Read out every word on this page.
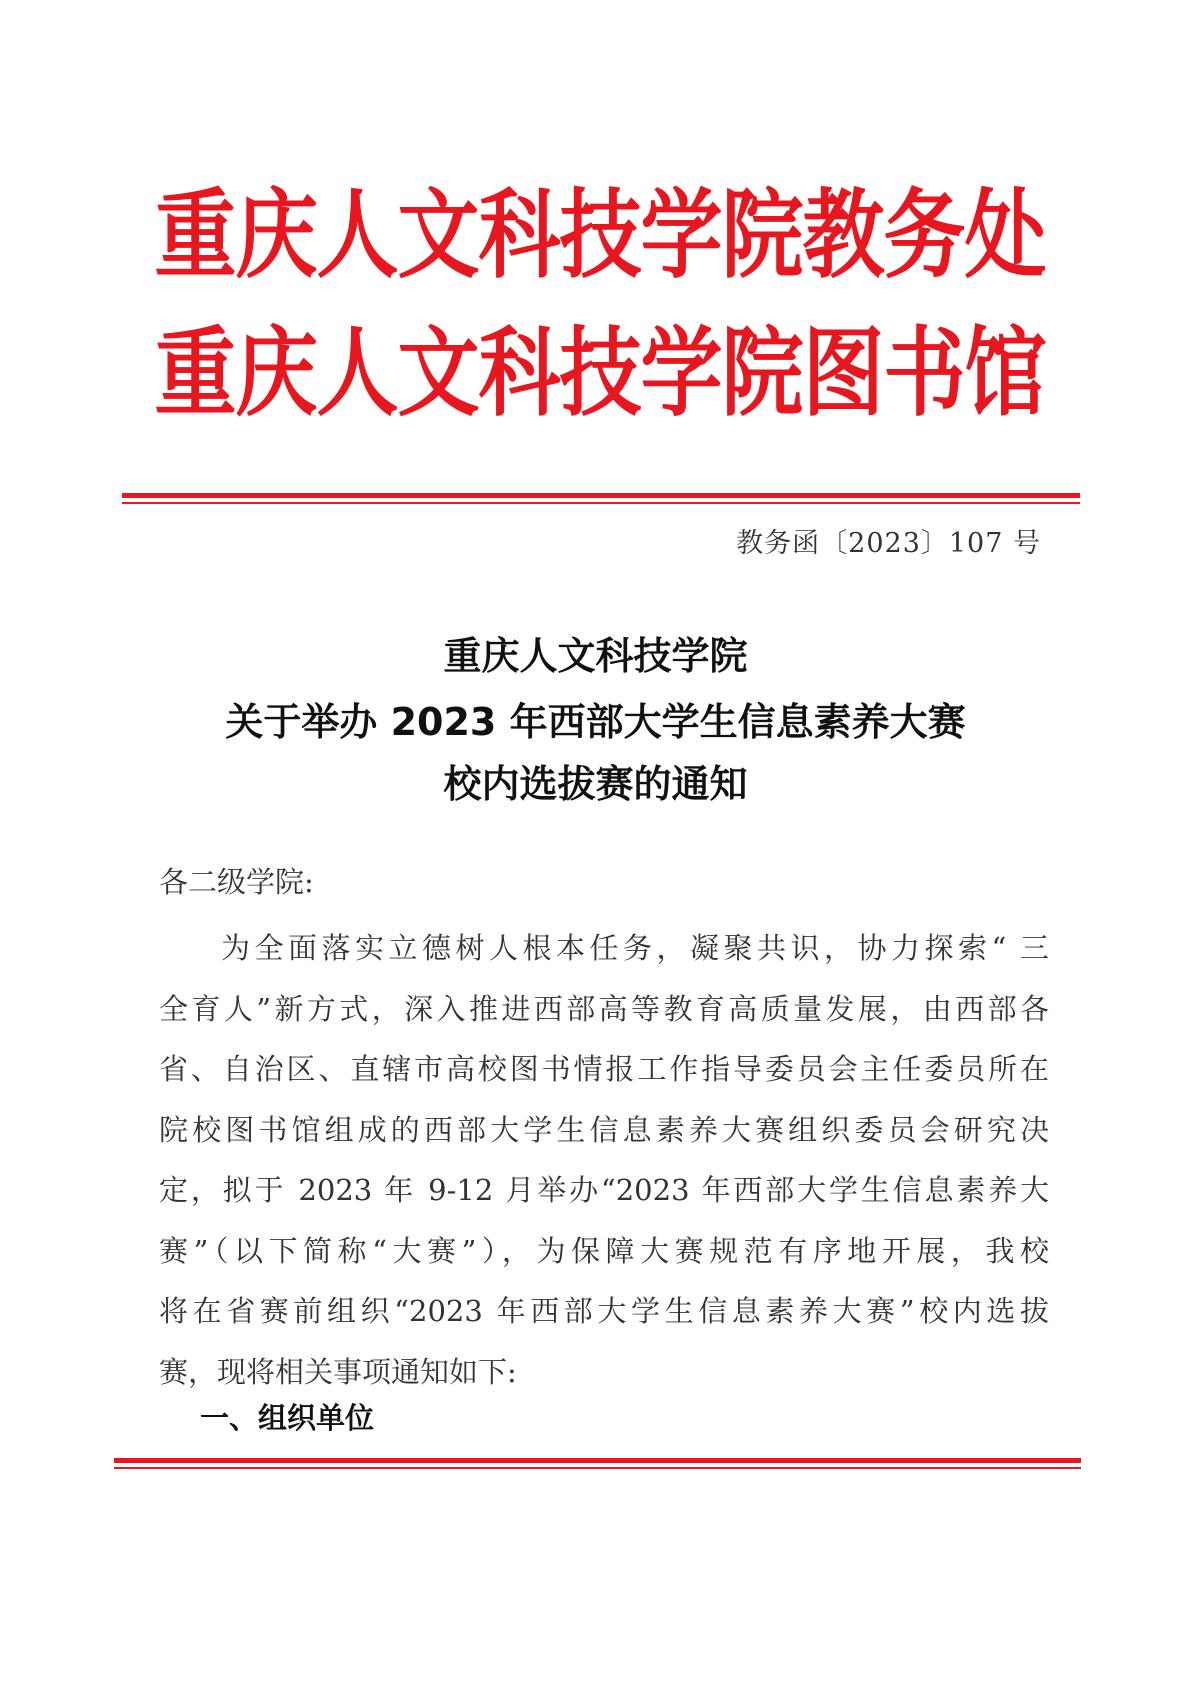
重庆人文科技学院教务处
重庆人文科技学院图书馆
教务函〔2023〕107 号
重庆人文科技学院
关于举办 2023 年西部大学生信息素养大赛
校内选拔赛的通知
各二级学院:
为全面落实立德树人根本任务，凝聚共识，协力探索“ 三
全育人”新方式，深入推进西部高等教育高质量发展，由西部各
省、自治区、直辖市高校图书情报工作指导委员会主任委员所在
院校图书馆组成的西部大学生信息素养大赛组织委员会研究决
定，拟于 2023 年 9-12 月举办“2023 年西部大学生信息素养大
赛”（以下简称“大赛”），为保障大赛规范有序地开展，我校
将在省赛前组织“2023 年西部大学生信息素养大赛”校内选拔
赛，现将相关事项通知如下:
一、组织单位
